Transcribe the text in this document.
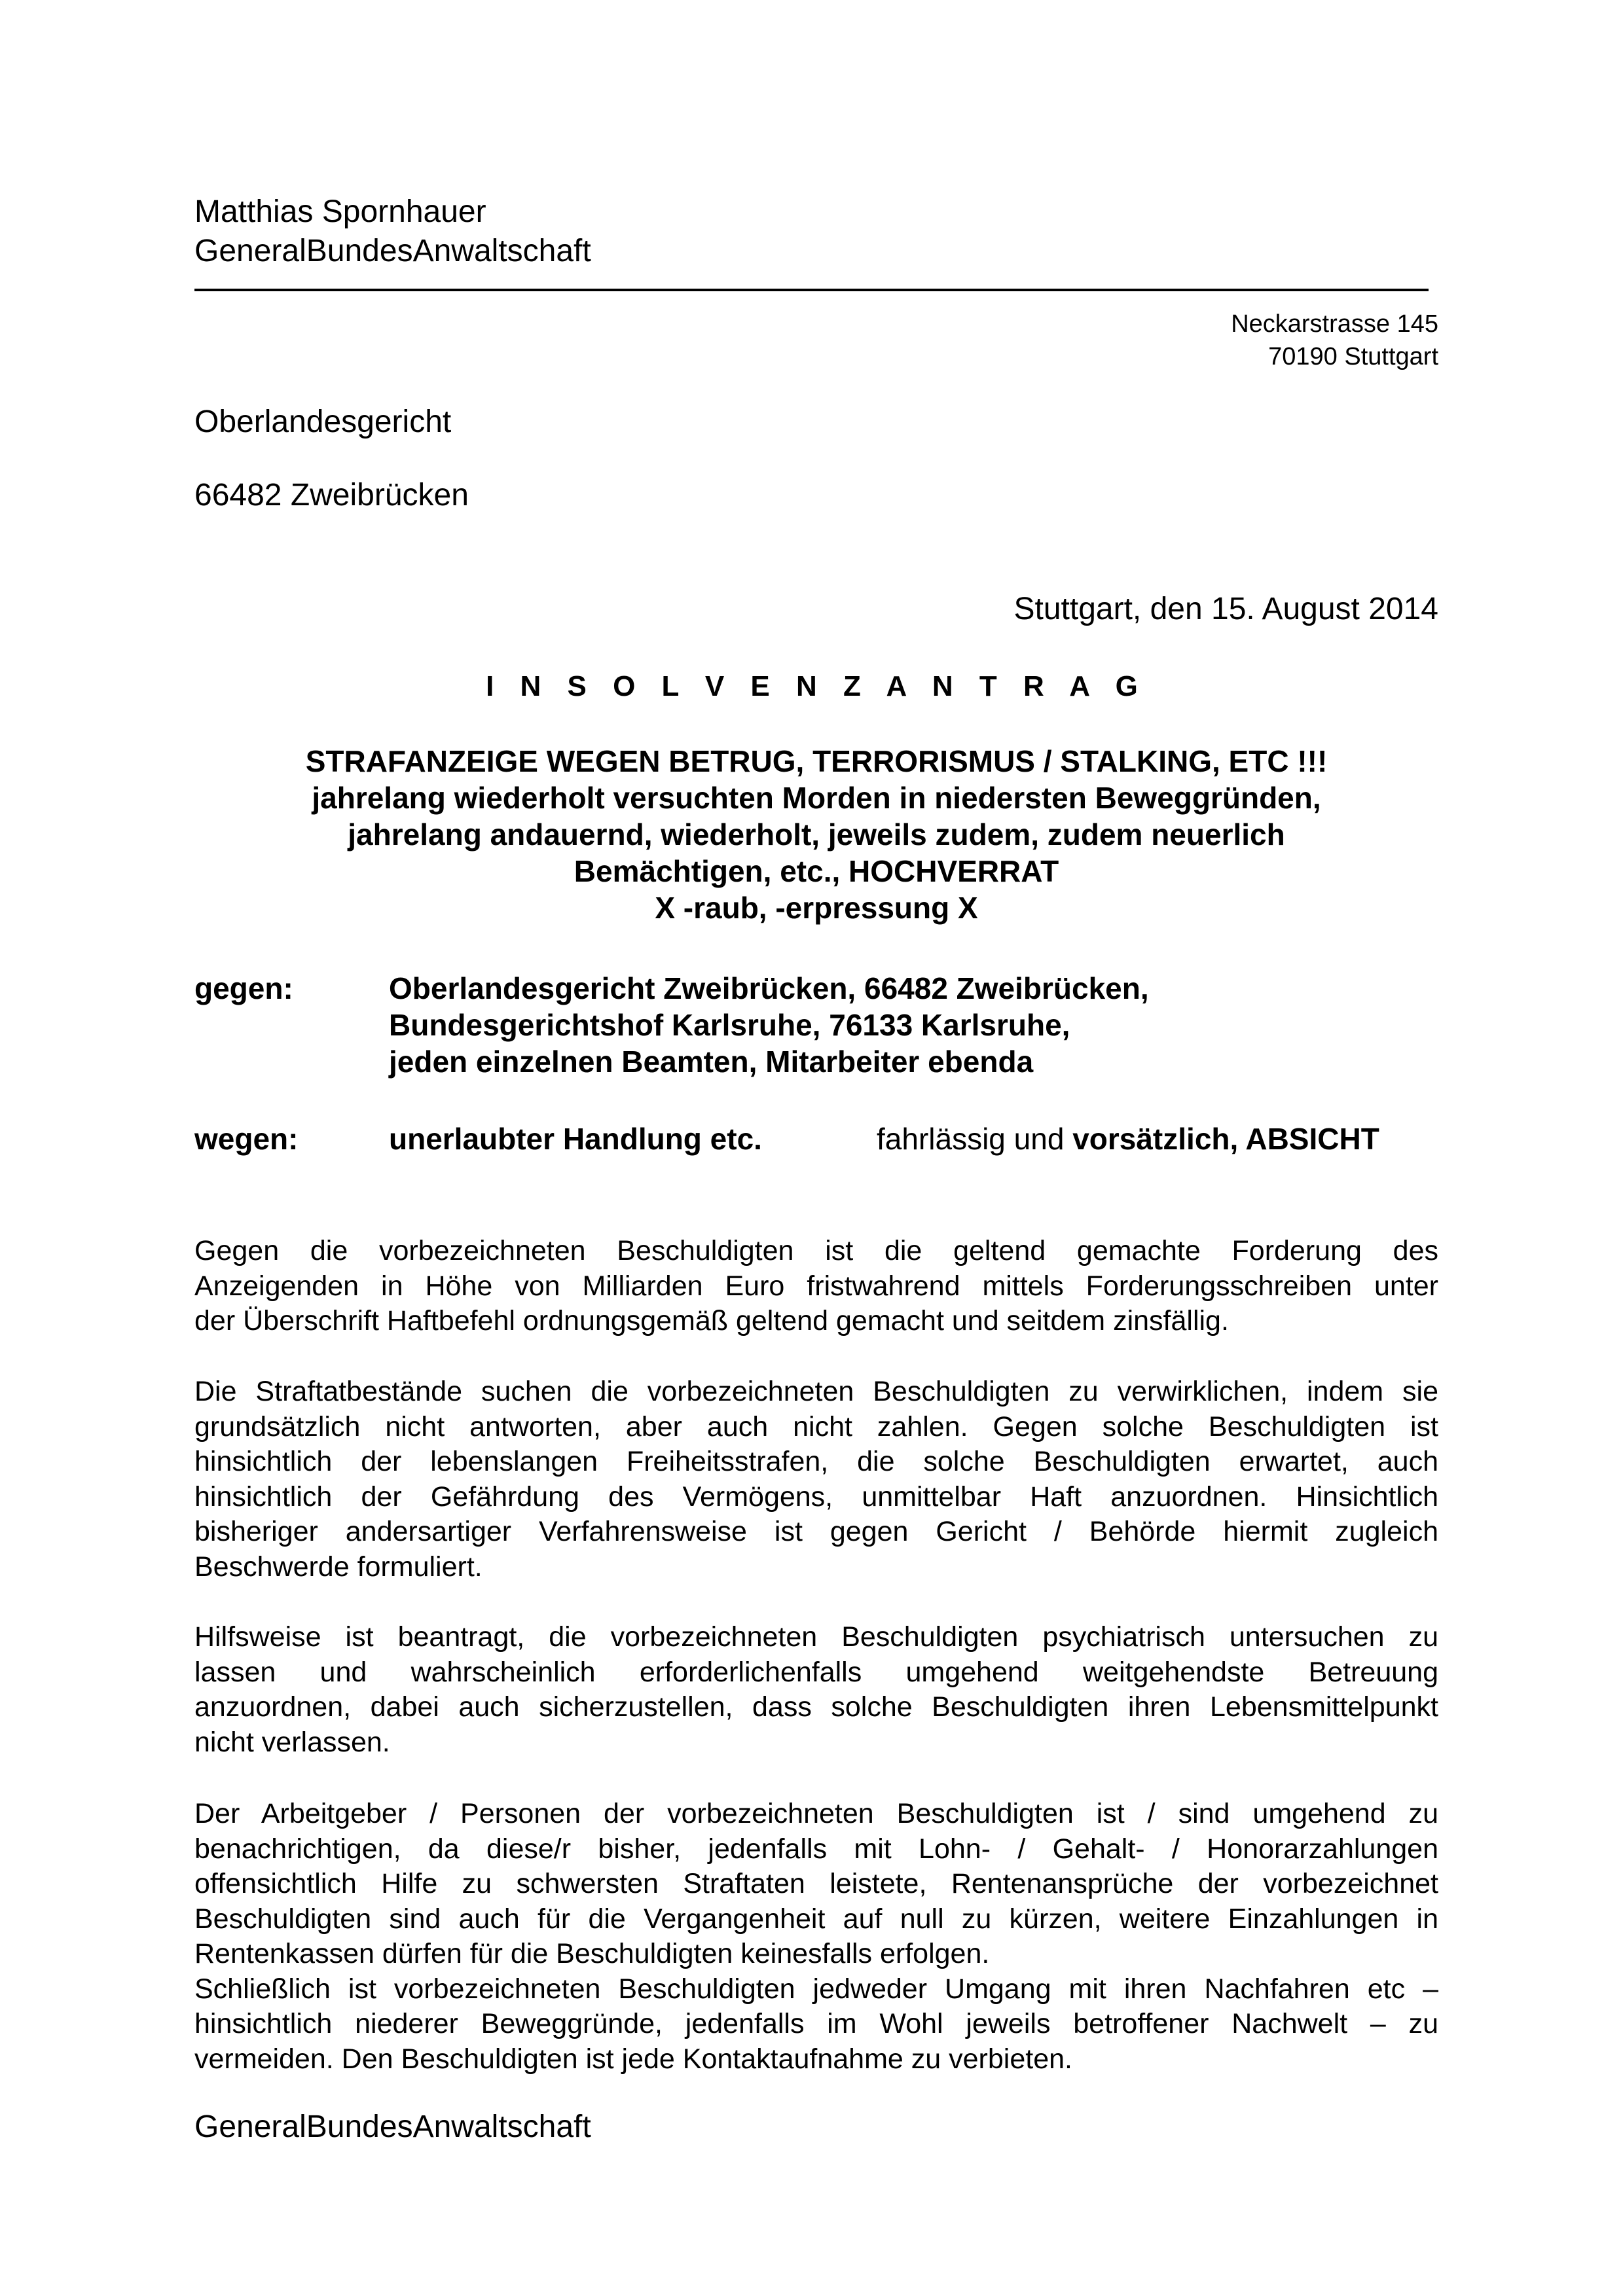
Matthias Spornhauer
GeneralBundesAnwaltschaft
Neckarstrasse 145
70190 Stuttgart
Oberlandesgericht
66482 Zweibrücken
Stuttgart, den 15. August 2014
I N S O L V E N Z A N T R A G
STRAFANZEIGE WEGEN BETRUG, TERRORISMUS / STALKING, ETC !!!
jahrelang wiederholt versuchten Morden in niedersten Beweggründen,
jahrelang andauernd, wiederholt, jeweils zudem, zudem neuerlich
Bemächtigen, etc., HOCHVERRAT
X -raub, -erpressung X
gegen:	Oberlandesgericht Zweibrücken, 66482 Zweibrücken,
Bundesgerichtshof Karlsruhe, 76133 Karlsruhe,
jeden einzelnen Beamten, Mitarbeiter ebenda
wegen:	unerlaubter Handlung etc.	fahrlässig und vorsätzlich, ABSICHT
Gegen die vorbezeichneten Beschuldigten ist die geltend gemachte Forderung des
Anzeigenden in Höhe von Milliarden Euro fristwahrend mittels Forderungsschreiben unter
der Überschrift Haftbefehl ordnungsgemäß geltend gemacht und seitdem zinsfällig.
Die Straftatbestände suchen die vorbezeichneten Beschuldigten zu verwirklichen, indem sie
grundsätzlich nicht antworten, aber auch nicht zahlen. Gegen solche Beschuldigten ist
hinsichtlich der lebenslangen Freiheitsstrafen, die solche Beschuldigten erwartet, auch
hinsichtlich der Gefährdung des Vermögens, unmittelbar Haft anzuordnen. Hinsichtlich
bisheriger andersartiger Verfahrensweise ist gegen Gericht / Behörde hiermit zugleich
Beschwerde formuliert.
Hilfsweise ist beantragt, die vorbezeichneten Beschuldigten psychiatrisch untersuchen zu
lassen und wahrscheinlich erforderlichenfalls umgehend weitgehendste Betreuung
anzuordnen, dabei auch sicherzustellen, dass solche Beschuldigten ihren Lebensmittelpunkt
nicht verlassen.
Der Arbeitgeber / Personen der vorbezeichneten Beschuldigten ist / sind umgehend zu
benachrichtigen, da diese/r bisher, jedenfalls mit Lohn- / Gehalt- / Honorarzahlungen
offensichtlich Hilfe zu schwersten Straftaten leistete, Rentenansprüche der vorbezeichnet
Beschuldigten sind auch für die Vergangenheit auf null zu kürzen, weitere Einzahlungen in
Rentenkassen dürfen für die Beschuldigten keinesfalls erfolgen.
Schließlich ist vorbezeichneten Beschuldigten jedweder Umgang mit ihren Nachfahren etc –
hinsichtlich niederer Beweggründe, jedenfalls im Wohl jeweils betroffener Nachwelt – zu
vermeiden. Den Beschuldigten ist jede Kontaktaufnahme zu verbieten.
GeneralBundesAnwaltschaft
